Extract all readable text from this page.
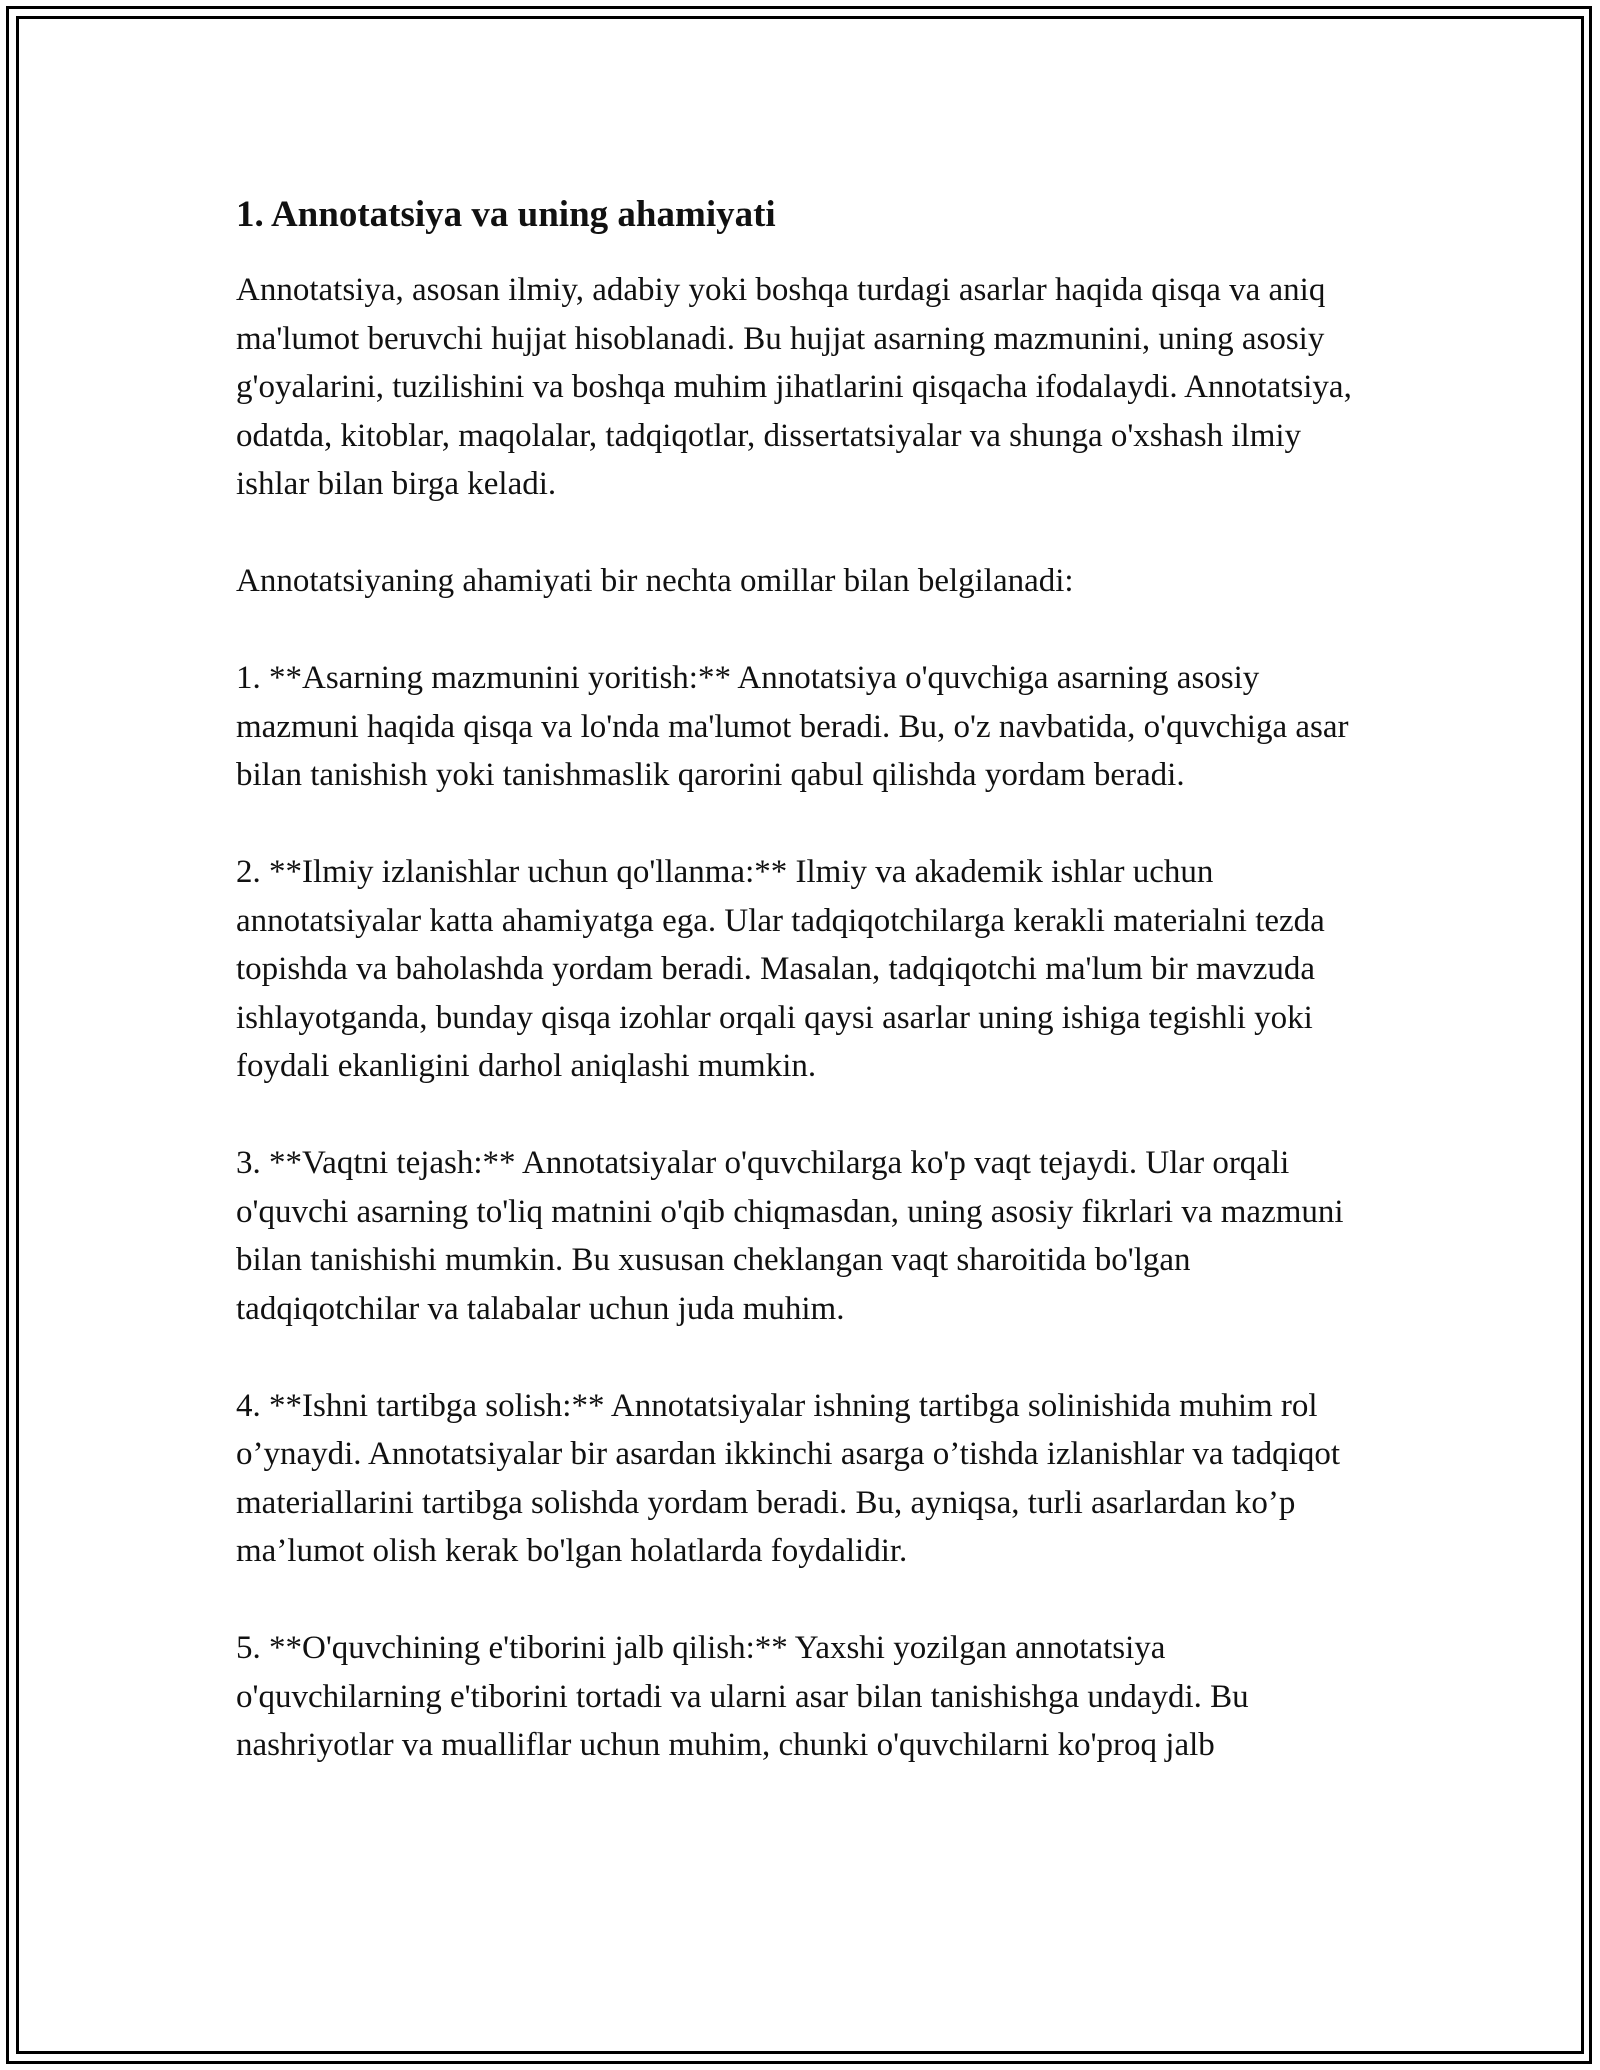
1. Annotatsiya va uning ahamiyati

Annotatsiya, asosan ilmiy, adabiy yoki boshqa turdagi asarlar haqida qisqa va aniq ma'lumot beruvchi hujjat hisoblanadi. Bu hujjat asarning mazmunini, uning asosiy g'oyalarini, tuzilishini va boshqa muhim jihatlarini qisqacha ifodalaydi. Annotatsiya, odatda, kitoblar, maqolalar, tadqiqotlar, dissertatsiyalar va shunga o'xshash ilmiy ishlar bilan birga keladi.

Annotatsiyaning ahamiyati bir nechta omillar bilan belgilanadi:

1. **Asarning mazmunini yoritish:** Annotatsiya o'quvchiga asarning asosiy mazmuni haqida qisqa va lo'nda ma'lumot beradi. Bu, o'z navbatida, o'quvchiga asar bilan tanishish yoki tanishmaslik qarorini qabul qilishda yordam beradi.

2. **Ilmiy izlanishlar uchun qo'llanma:** Ilmiy va akademik ishlar uchun annotatsiyalar katta ahamiyatga ega. Ular tadqiqotchilarga kerakli materialni tezda topishda va baholashda yordam beradi. Masalan, tadqiqotchi ma'lum bir mavzuda ishlayotganda, bunday qisqa izohlar orqali qaysi asarlar uning ishiga tegishli yoki foydali ekanligini darhol aniqlashi mumkin.

3. **Vaqtni tejash:** Annotatsiyalar o'quvchilarga ko'p vaqt tejaydi. Ular orqali o'quvchi asarning to'liq matnini o'qib chiqmasdan, uning asosiy fikrlari va mazmuni bilan tanishishi mumkin. Bu xususan cheklangan vaqt sharoitida bo'lgan tadqiqotchilar va talabalar uchun juda muhim.

4. **Ishni tartibga solish:** Annotatsiyalar ishning tartibga solinishida muhim rol o’ynaydi. Annotatsiyalar bir asardan ikkinchi asarga o’tishda izlanishlar va tadqiqot materiallarini tartibga solishda yordam beradi. Bu, ayniqsa, turli asarlardan ko’p ma’lumot olish kerak bo'lgan holatlarda foydalidir.

5. **O'quvchining e'tiborini jalb qilish:** Yaxshi yozilgan annotatsiya o'quvchilarning e'tiborini tortadi va ularni asar bilan tanishishga undaydi. Bu nashriyotlar va mualliflar uchun muhim, chunki o'quvchilarni ko'proq jalb
